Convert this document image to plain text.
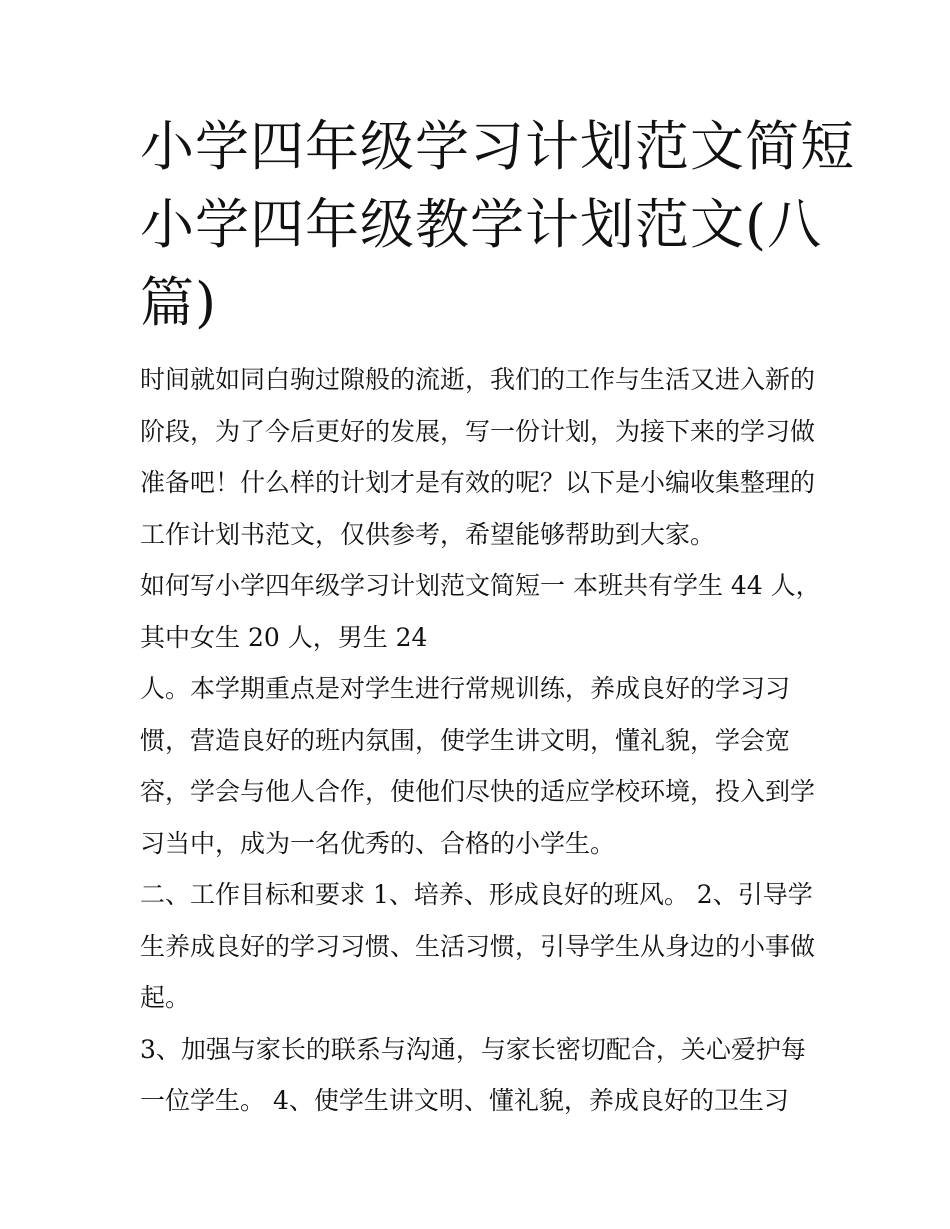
小学四年级学习计划范文简短
小学四年级教学计划范文(八
篇)
时间就如同白驹过隙般的流逝，我们的工作与生活又进入新的
阶段，为了今后更好的发展，写一份计划，为接下来的学习做
准备吧！什么样的计划才是有效的呢？以下是小编收集整理的
工作计划书范文，仅供参考，希望能够帮助到大家。
如何写小学四年级学习计划范文简短一 本班共有学生 44 人，
其中女生 20 人，男生 24
人。本学期重点是对学生进行常规训练，养成良好的学习习
惯，营造良好的班内氛围，使学生讲文明，懂礼貌，学会宽
容，学会与他人合作，使他们尽快的适应学校环境，投入到学
习当中，成为一名优秀的、合格的小学生。
二、工作目标和要求 1、培养、形成良好的班风。 2、引导学
生养成良好的学习习惯、生活习惯，引导学生从身边的小事做
起。
3、加强与家长的联系与沟通，与家长密切配合，关心爱护每
一位学生。 4、使学生讲文明、懂礼貌，养成良好的卫生习
